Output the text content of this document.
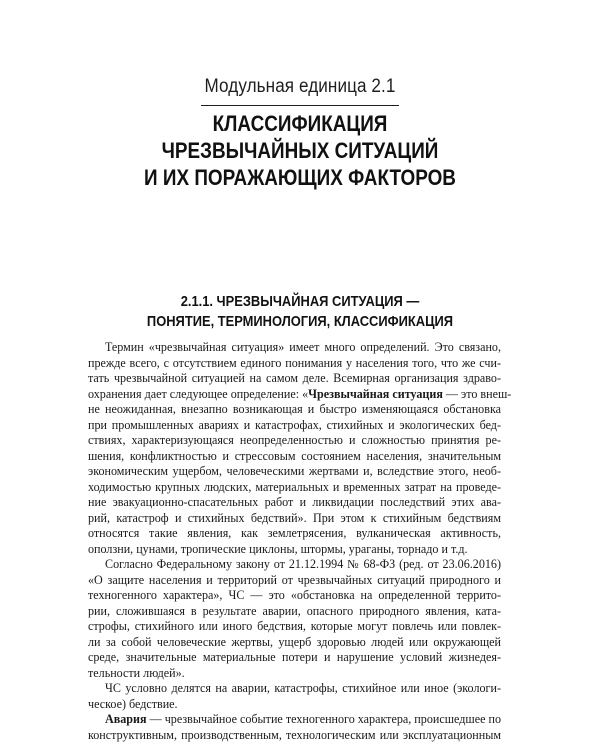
Модульная единица 2.1
КЛАССИФИКАЦИЯ
ЧРЕЗВЫЧАЙНЫХ СИТУАЦИЙ
И ИХ ПОРАЖАЮЩИХ ФАКТОРОВ
2.1.1. ЧРЕЗВЫЧАЙНАЯ СИТУАЦИЯ —
ПОНЯТИЕ, ТЕРМИНОЛОГИЯ, КЛАССИФИКАЦИЯ
Термин «чрезвычайная ситуация» имеет много определений. Это связано,
прежде всего, с отсутствием единого понимания у населения того, что же счи-
тать чрезвычайной ситуацией на самом деле. Всемирная организация здраво-
охранения дает следующее определение: «Чрезвычайная ситуация — это внеш-
не неожиданная, внезапно возникающая и быстро изменяющаяся обстановка
при промышленных авариях и катастрофах, стихийных и экологических бед-
ствиях, характеризующаяся неопределенностью и сложностью принятия ре-
шения, конфликтностью и стрессовым состоянием населения, значительным
экономическим ущербом, человеческими жертвами и, вследствие этого, необ-
ходимостью крупных людских, материальных и временных затрат на проведе-
ние эвакуационно-спасательных работ и ликвидации последствий этих ава-
рий, катастроф и стихийных бедствий». При этом к стихийным бедствиям
относятся такие явления, как землетрясения, вулканическая активность,
оползни, цунами, тропические циклоны, штормы, ураганы, торнадо и т.д.
Согласно Федеральному закону от 21.12.1994 № 68-ФЗ (ред. от 23.06.2016)
«О защите населения и территорий от чрезвычайных ситуаций природного и
техногенного характера», ЧС — это «обстановка на определенной террито-
рии, сложившаяся в результате аварии, опасного природного явления, ката-
строфы, стихийного или иного бедствия, которые могут повлечь или повлек-
ли за собой человеческие жертвы, ущерб здоровью людей или окружающей
среде, значительные материальные потери и нарушение условий жизнедея-
тельности людей».
ЧС условно делятся на аварии, катастрофы, стихийное или иное (экологи-
ческое) бедствие.
Авария — чрезвычайное событие техногенного характера, происшедшее по
конструктивным, производственным, технологическим или эксплуатационным
